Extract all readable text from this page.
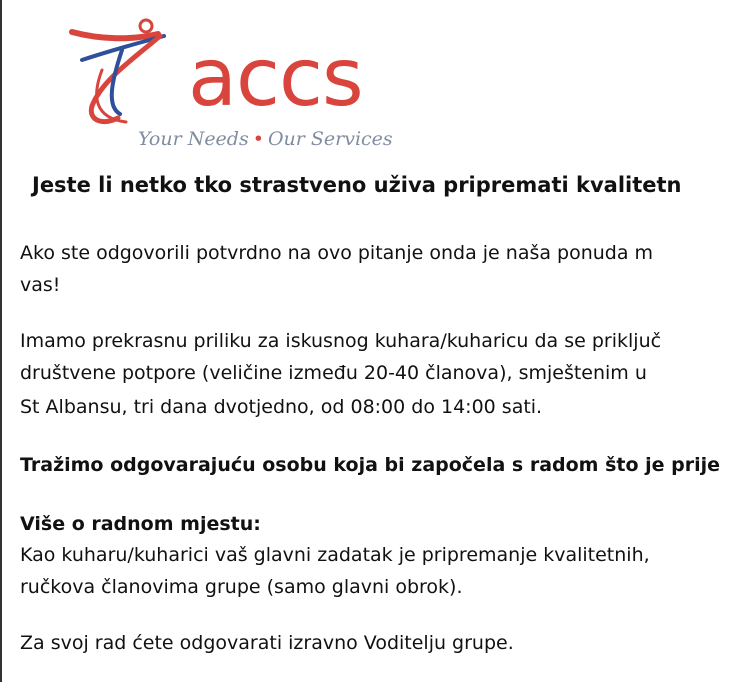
accs
Your Needs • Our Services
Jeste li netko tko strastveno uživa pripremati kvalitetn

Ako ste odgovorili potvrdno na ovo pitanje onda je naša ponuda m

vas!

Imamo prekrasnu priliku za iskusnog kuhara/kuharicu da se priključ

društvene potpore (veličine između 20-40 članova), smještenim u

St Albansu, tri dana dvotjedno, od 08:00 do 14:00 sati.

Tražimo odgovarajuću osobu koja bi započela s radom što je prije

Više o radnom mjestu:

Kao kuharu/kuharici vaš glavni zadatak je pripremanje kvalitetnih,

ručkova članovima grupe (samo glavni obrok).

Za svoj rad ćete odgovarati izravno Voditelju grupe.
